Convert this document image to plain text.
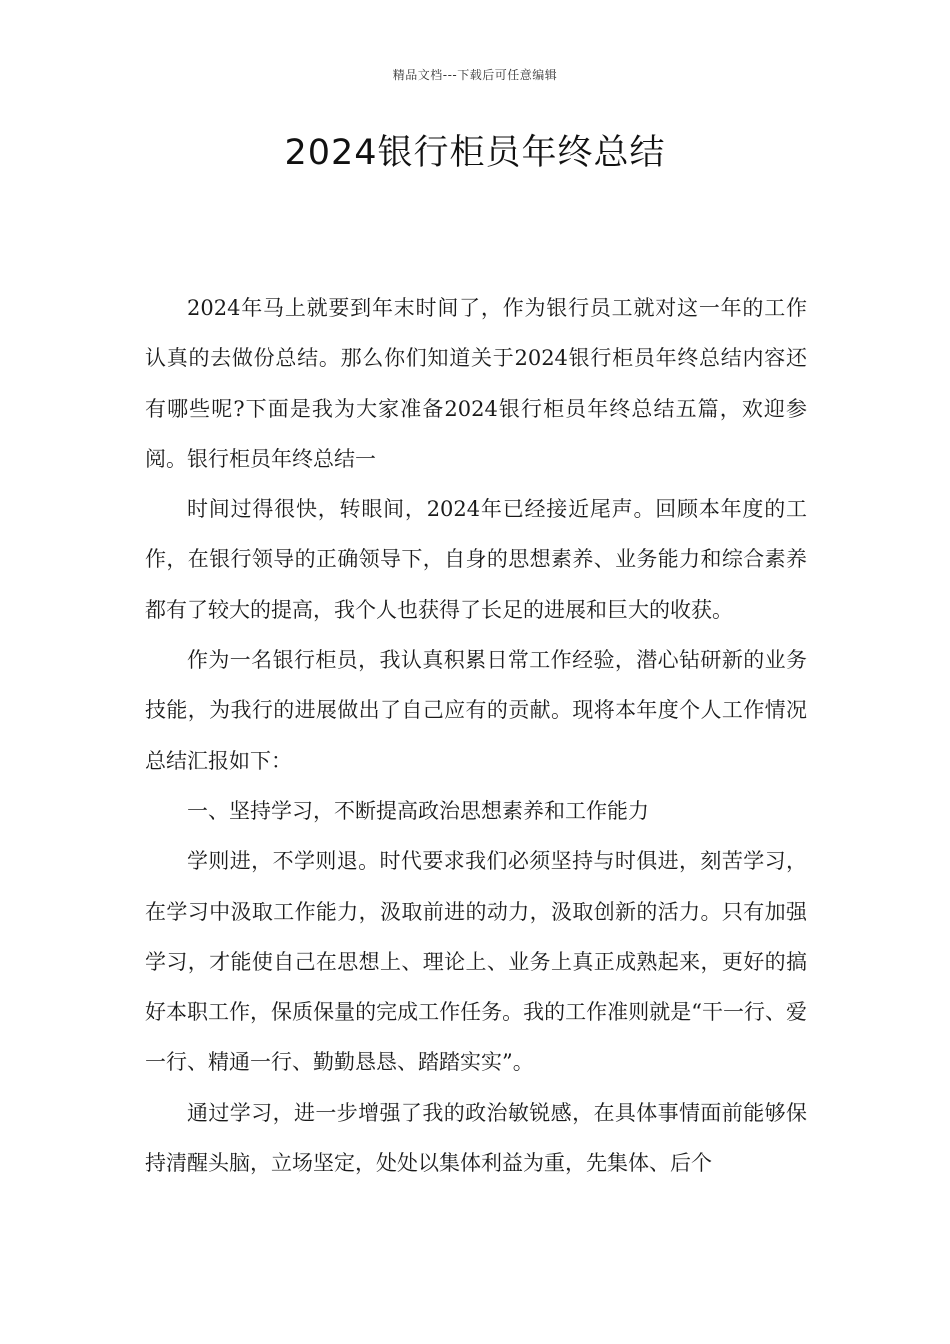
精品文档---下载后可任意编辑
2024银行柜员年终总结

2024年马上就要到年末时间了，作为银行员工就对这一年的工作认真的去做份总结。那么你们知道关于2024银行柜员年终总结内容还有哪些呢?下面是我为大家准备2024银行柜员年终总结五篇，欢迎参阅。银行柜员年终总结一

时间过得很快，转眼间，2024年已经接近尾声。回顾本年度的工作，在银行领导的正确领导下，自身的思想素养、业务能力和综合素养都有了较大的提高，我个人也获得了长足的进展和巨大的收获。

作为一名银行柜员，我认真积累日常工作经验，潜心钻研新的业务技能，为我行的进展做出了自己应有的贡献。现将本年度个人工作情况总结汇报如下：

一、坚持学习，不断提高政治思想素养和工作能力

学则进，不学则退。时代要求我们必须坚持与时俱进，刻苦学习，在学习中汲取工作能力，汲取前进的动力，汲取创新的活力。只有加强学习，才能使自己在思想上、理论上、业务上真正成熟起来，更好的搞好本职工作，保质保量的完成工作任务。我的工作准则就是“干一行、爱一行、精通一行、勤勤恳恳、踏踏实实”。

通过学习，进一步增强了我的政治敏锐感，在具体事情面前能够保持清醒头脑，立场坚定，处处以集体利益为重，先集体、后个
